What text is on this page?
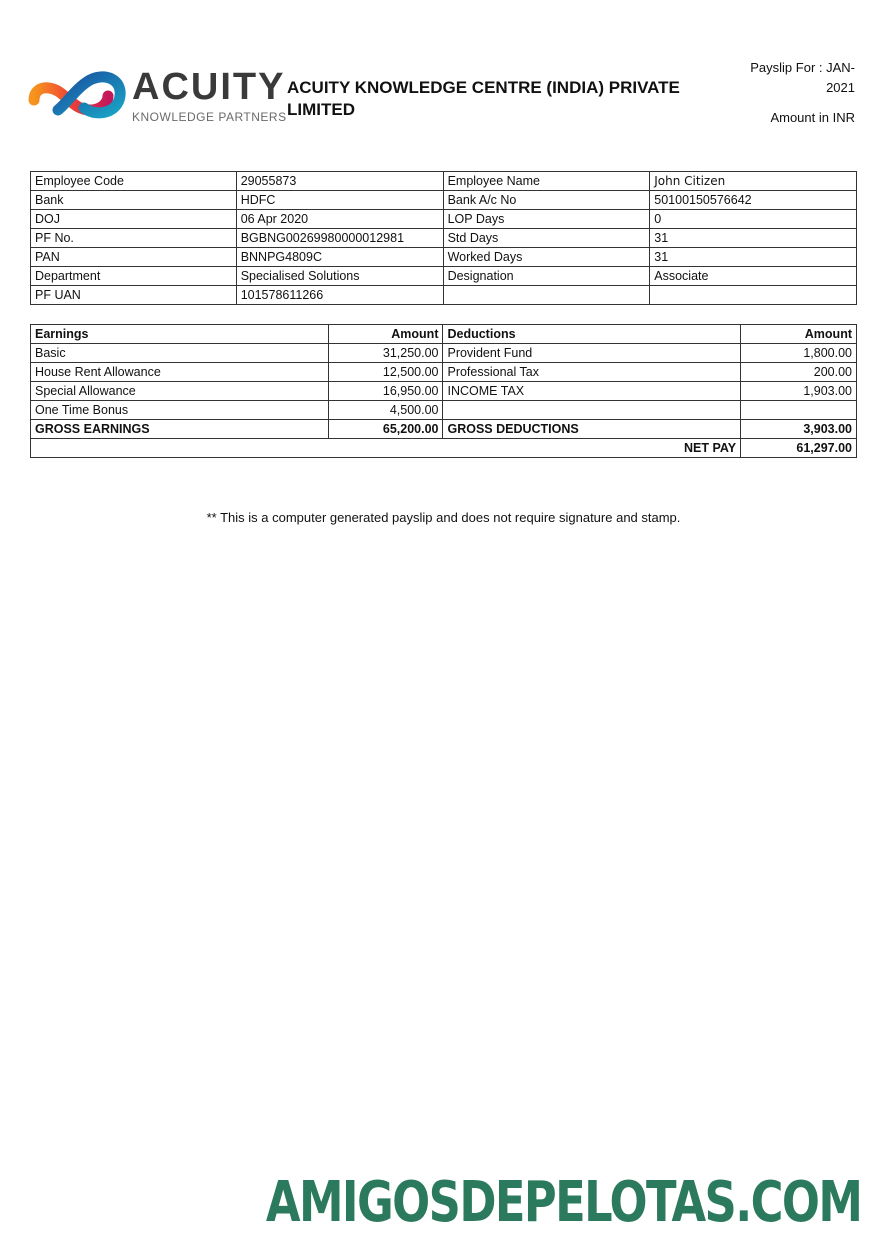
ACUITY
KNOWLEDGE PARTNERS
ACUITY KNOWLEDGE CENTRE (INDIA) PRIVATE LIMITED
Payslip For : JAN-2021
Amount in INR
Employee Code	29055873	Employee Name	John Citizen
Bank	HDFC	Bank A/c No	50100150576642
DOJ	06 Apr 2020	LOP Days	0
PF No.	BGBNG00269980000012981	Std Days	31
PAN	BNNPG4809C	Worked Days	31
Department	Specialised Solutions	Designation	Associate
PF UAN	101578611266		
Earnings	Amount	Deductions	Amount
Basic	31,250.00	Provident Fund	1,800.00
House Rent Allowance	12,500.00	Professional Tax	200.00
Special Allowance	16,950.00	INCOME TAX	1,903.00
One Time Bonus	4,500.00		
GROSS EARNINGS	65,200.00	GROSS DEDUCTIONS	3,903.00
NET PAY			61,297.00
** This is a computer generated payslip and does not require signature and stamp.
AMIGOSDEPELOTAS.COM
